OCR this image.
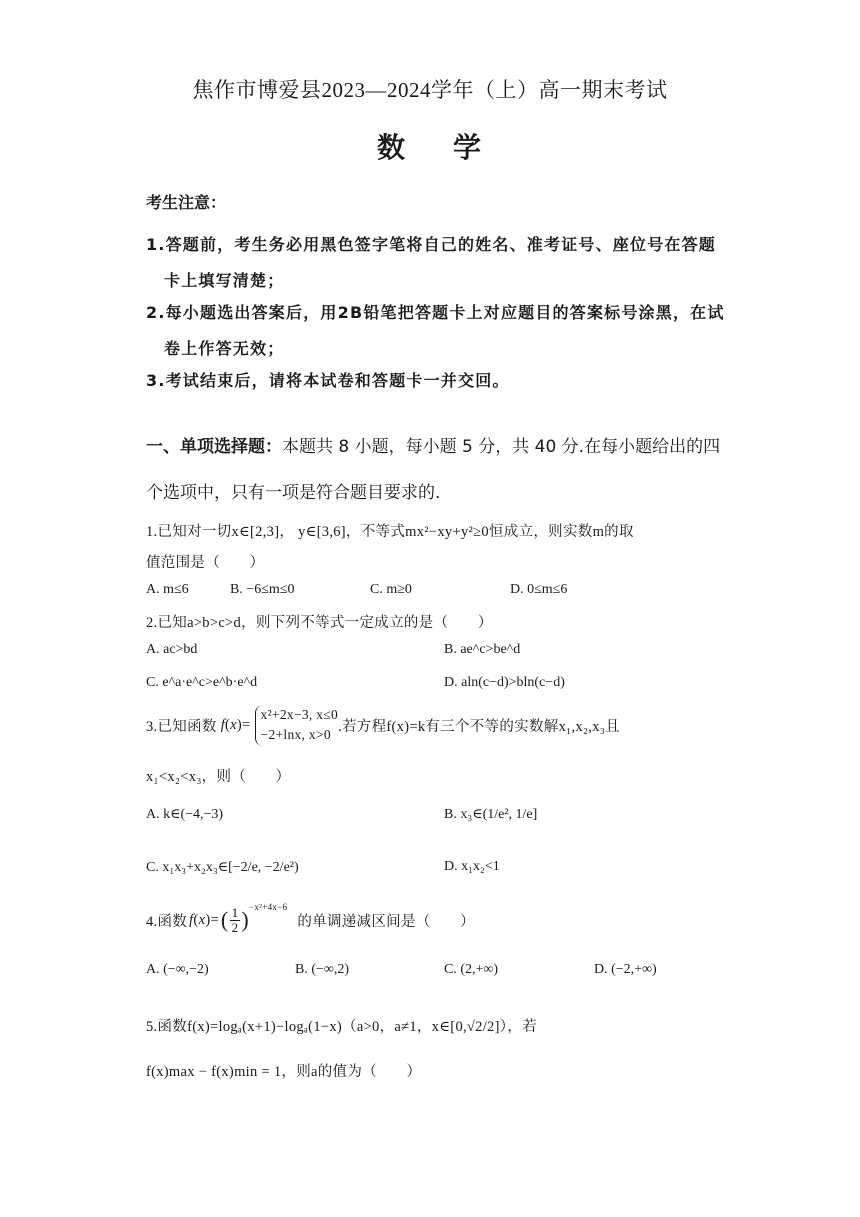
焦作市博爱县2023—2024学年（上）高一期末考试
数 学
考生注意：
1.答题前，考生务必用黑色签字笔将自己的姓名、准考证号、座位号在答题
卡上填写清楚；
2.每小题选出答案后，用2B铅笔把答题卡上对应题目的答案标号涂黑，在试
卷上作答无效；
3.考试结束后，请将本试卷和答题卡一并交回。
一、单项选择题：本题共 8 小题，每小题 5 分，共 40 分.在每小题给出的四
个选项中，只有一项是符合题目要求的.
1.已知对一切x∈[2,3]， y∈[3,6]，不等式mx²−xy+y²≥0恒成立，则实数m的取
值范围是（　　）
A. m≤6	B. −6≤m≤0	C. m≥0	D. 0≤m≤6
2.已知a>b>c>d，则下列不等式一定成立的是（　　）
A. ac>bd	B. ae^c>be^d
C. e^a·e^c>e^b·e^d	D. aln(c−d)>bln(c−d)
3.已知函数 f(x)=
x²+2x−3, x≤0
−2+lnx, x>0 .若方程f(x)=k有三个不等的实数解x₁,x₂,x₃且
x₁<x₂<x₃，则（　　）
A. k∈(−4,−3)	B. x₃∈(1/e², 1/e]
C. x₁x₃+x₂x₃∈[−2/e, −2/e²)	D. x₁x₂<1
4.函数 f(x)= ( $\frac{1}{2}$ )
−x²+4x−6
的单调递减区间是（　　）
A. (−∞,−2)	B. (−∞,2)	C. (2,+∞)	D. (−2,+∞)
5.函数f(x)=logₐ(x+1)−logₐ(1−x)（a>0，a≠1，x∈[0,√2/2]），若
f(x)max − f(x)min = 1，则a的值为（　　）
